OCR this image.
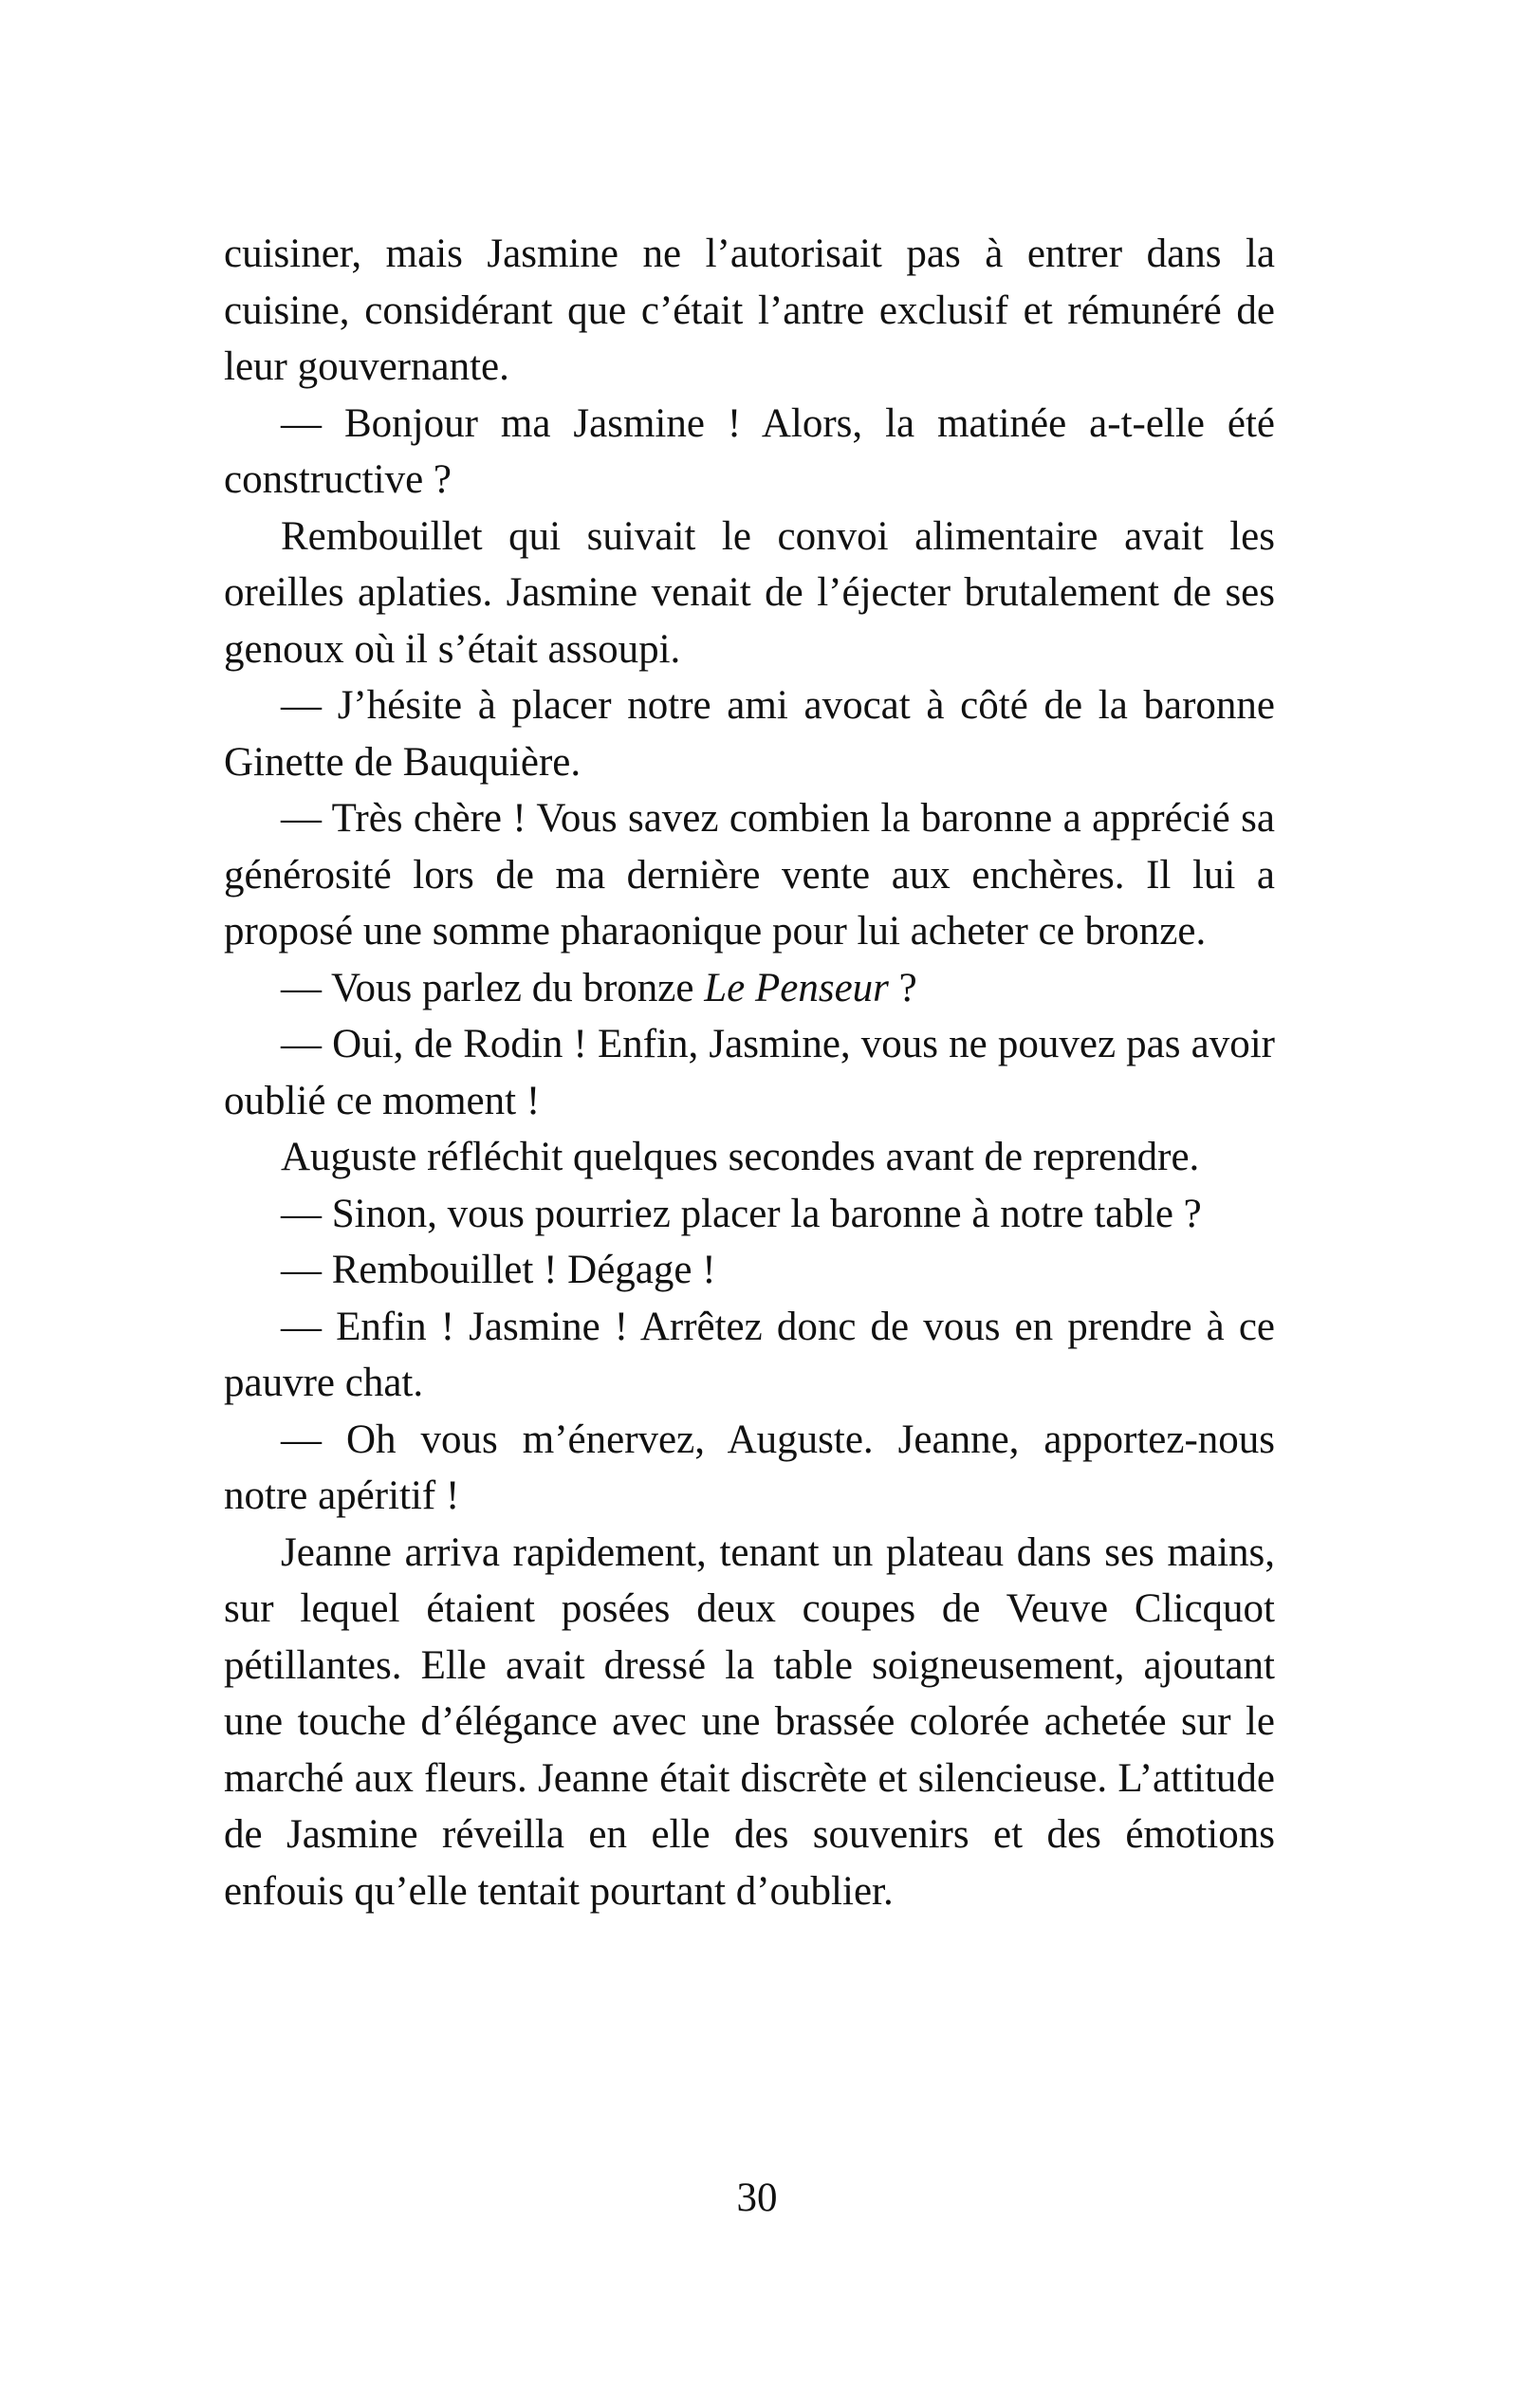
cuisiner, mais Jasmine ne l’autorisait pas à entrer dans la cuisine, considérant que c’était l’antre exclusif et rémunéré de leur gouvernante.

— Bonjour ma Jasmine ! Alors, la matinée a-t-elle été constructive ?

Rembouillet qui suivait le convoi alimentaire avait les oreilles aplaties. Jasmine venait de l’éjecter brutalement de ses genoux où il s’était assoupi.

— J’hésite à placer notre ami avocat à côté de la baronne Ginette de Bauquière.

— Très chère ! Vous savez combien la baronne a apprécié sa générosité lors de ma dernière vente aux enchères. Il lui a proposé une somme pharaonique pour lui acheter ce bronze.

— Vous parlez du bronze Le Penseur ?

— Oui, de Rodin ! Enfin, Jasmine, vous ne pouvez pas avoir oublié ce moment !

Auguste réfléchit quelques secondes avant de reprendre.

— Sinon, vous pourriez placer la baronne à notre table ?

— Rembouillet ! Dégage !

— Enfin ! Jasmine ! Arrêtez donc de vous en prendre à ce pauvre chat.

— Oh vous m’énervez, Auguste. Jeanne, apportez-nous notre apéritif !

Jeanne arriva rapidement, tenant un plateau dans ses mains, sur lequel étaient posées deux coupes de Veuve Clicquot pétillantes. Elle avait dressé la table soigneusement, ajoutant une touche d’élégance avec une brassée colorée achetée sur le marché aux fleurs. Jeanne était discrète et silencieuse. L’attitude de Jasmine réveilla en elle des souvenirs et des émotions enfouis qu’elle tentait pourtant d’oublier.

30
